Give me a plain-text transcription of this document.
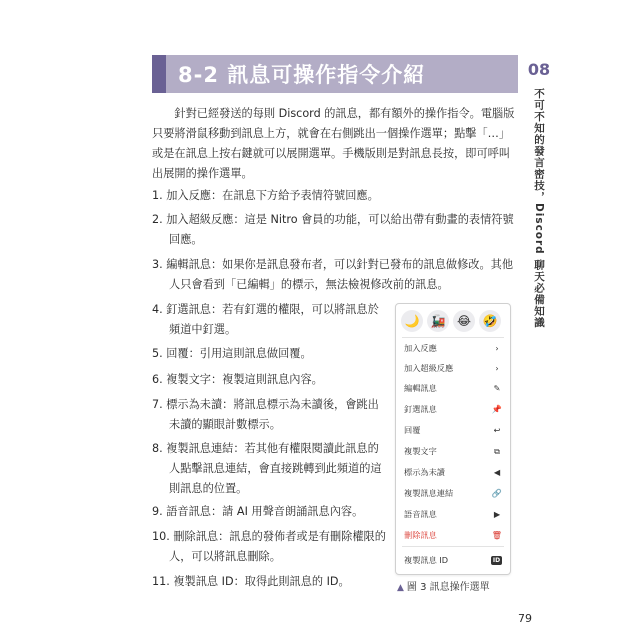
8-2 訊息可操作指令介紹	08
不可不知的發言密技，Discord 聊天必備知識

針對已經發送的每則 Discord 的訊息，都有額外的操作指令。電腦版只要將滑鼠移動到訊息上方，就會在右側跳出一個操作選單；點擊「…」或是在訊息上按右鍵就可以展開選單。手機版則是對訊息長按，即可呼叫出展開的操作選單。

1. 加入反應：在訊息下方給予表情符號回應。
2. 加入超級反應：這是 Nitro 會員的功能，可以給出帶有動畫的表情符號
回應。
3. 編輯訊息：如果你是訊息發布者，可以針對已發布的訊息做修改。其他
人只會看到「已編輯」的標示，無法檢視修改前的訊息。
4. 釘選訊息：若有釘選的權限，可以將訊息於
頻道中釘選。
5. 回覆：引用這則訊息做回覆。
6. 複製文字：複製這則訊息內容。
7. 標示為未讀：將訊息標示為未讀後，會跳出
未讀的顯眼計數標示。
8. 複製訊息連結：若其他有權限閱讀此訊息的
人點擊訊息連結，會直接跳轉到此頻道的這
則訊息的位置。
9. 語音訊息：請 AI 用聲音朗誦訊息內容。
10. 刪除訊息：訊息的發佈者或是有刪除權限的
人，可以將訊息刪除。
11. 複製訊息 ID：取得此則訊息的 ID。
🌙 🚂 😂 🤣
加入反應	›
加入超級反應	›
編輯訊息	✎
釘選訊息	📌
回覆	↩
複製文字	⧉
標示為未讀	◀
複製訊息連結	🔗
語音訊息	▶
刪除訊息	🗑
複製訊息 ID	ID
▲ 圖 3 訊息操作選單
79
